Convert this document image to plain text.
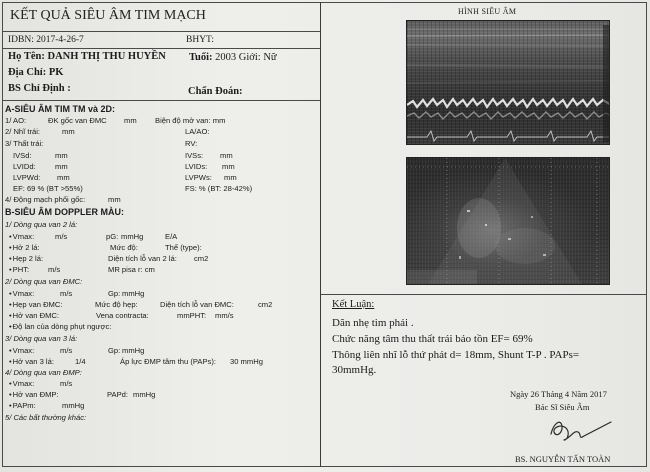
KẾT QUẢ SIÊU ÂM TIM MẠCH
IDBN: 2017-4-26-7	BHYT:
Họ Tên: DANH THỊ THU HUYỀN Tuổi: 2003 Giới: Nữ
Địa Chỉ: PK
BS Chỉ Định :	Chẩn Đoán:
A-SIÊU ÂM TIM TM và 2D:
1/ AO:	ĐK gốc van ĐMC mm Biện độ mở van: mm
2/ Nhĩ trái:	mm	LA/AO:
3/ Thất trái:	RV:
IVSd:	mm	IVSs: mm
LVIDd:	mm	LVIDs: mm
LVPWd: mm	LVPWs: mm
EF: 69 % (BT >55%)	FS: % (BT: 28-42%)
4/ Động mạch phổi gốc:	mm
B-SIÊU ÂM DOPPLER MÀU:
1/ Dòng qua van 2 lá:
• Vmax:	m/s	pG: mmHg	E/A
• Hở 2 lá:	Mức độ:	Thể (type):
• Hẹp 2 lá:	Diện tích lỗ van 2 lá: cm2
• PHT: m/s	MR pisa r: cm
2/ Dòng qua van ĐMC:
• Vmax:	m/s	Gp: mmHg
• Hẹp van ĐMC:	Mức độ hẹp:	Diện tích lỗ van ĐMC:	cm2
• Hở van ĐMC:	Vena contracta:	mmPHT: mm/s
• Độ lan của dòng phụt ngược:
3/ Dòng qua van 3 lá:
• Vmax:	m/s	Gp: mmHg
• Hở van 3 lá:	1/4	Áp lực ĐMP tâm thu (PAPs): 30 mmHg
4/ Dòng qua van ĐMP:
• Vmax:	m/s
• Hở van ĐMP:	PAPd: mmHg
• PAPm:	mmHg
5/ Các bất thường khác:
HÌNH SIÊU ÂM
Kết Luận:
Dãn nhẹ tim phải .
Chức năng tâm thu thất trái bảo tồn EF= 69%
Thông liên nhĩ lỗ thứ phát d= 18mm, Shunt T-P . PAPs=
30mmHg.
Ngày 26 Tháng 4 Năm 2017
Bác Sĩ Siêu Âm
BS. NGUYỄN TẤN TOÀN
